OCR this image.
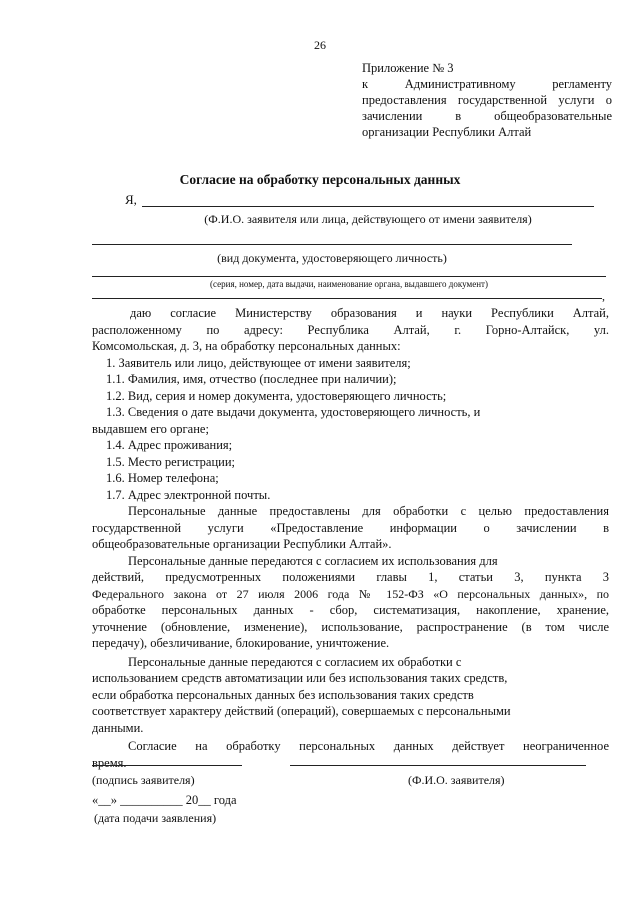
26
Приложение № 3
к Административному регламенту
предоставления государственной услуги о
зачислении в общеобразовательные
организации Республики Алтай
Согласие на обработку персональных данных
Я,
(Ф.И.О. заявителя или лица, действующего от имени заявителя)
(вид документа, удостоверяющего личность)
(серия, номер, дата выдачи, наименование органа, выдавшего документ)
,
даю согласие Министерству образования и науки Республики Алтай,
расположенному по адресу: Республика Алтай, г. Горно-Алтайск, ул.
Комсомольская, д. 3, на обработку персональных данных:
1. Заявитель или лицо, действующее от имени заявителя;
1.1. Фамилия, имя, отчество (последнее при наличии);
1.2. Вид, серия и номер документа, удостоверяющего личность;
1.3. Сведения о дате выдачи документа, удостоверяющего личность, и
выдавшем его органе;
1.4. Адрес проживания;
1.5. Место регистрации;
1.6. Номер телефона;
1.7. Адрес электронной почты.
Персональные данные предоставлены для обработки с целью предоставления
государственной услуги «Предоставление информации о зачислении в
общеобразовательные организации Республики Алтай».
Персональные данные передаются с согласием их использования для
действий, предусмотренных положениями главы 1, статьи 3, пункта 3
Федерального закона от 27 июля 2006 года № 152-ФЗ «О персональных данных», по
обработке персональных данных - сбор, систематизация, накопление, хранение,
уточнение (обновление, изменение), использование, распространение (в том числе
передачу), обезличивание, блокирование, уничтожение.
Персональные данные передаются с согласием их обработки с
использованием средств автоматизации или без использования таких средств,
если обработка персональных данных без использования таких средств
соответствует характеру действий (операций), совершаемых с персональными
данными.
Согласие на обработку персональных данных действует неограниченное
время.
(подпись заявителя)	(Ф.И.О. заявителя)
«__» __________ 20__ года
(дата подачи заявления)
